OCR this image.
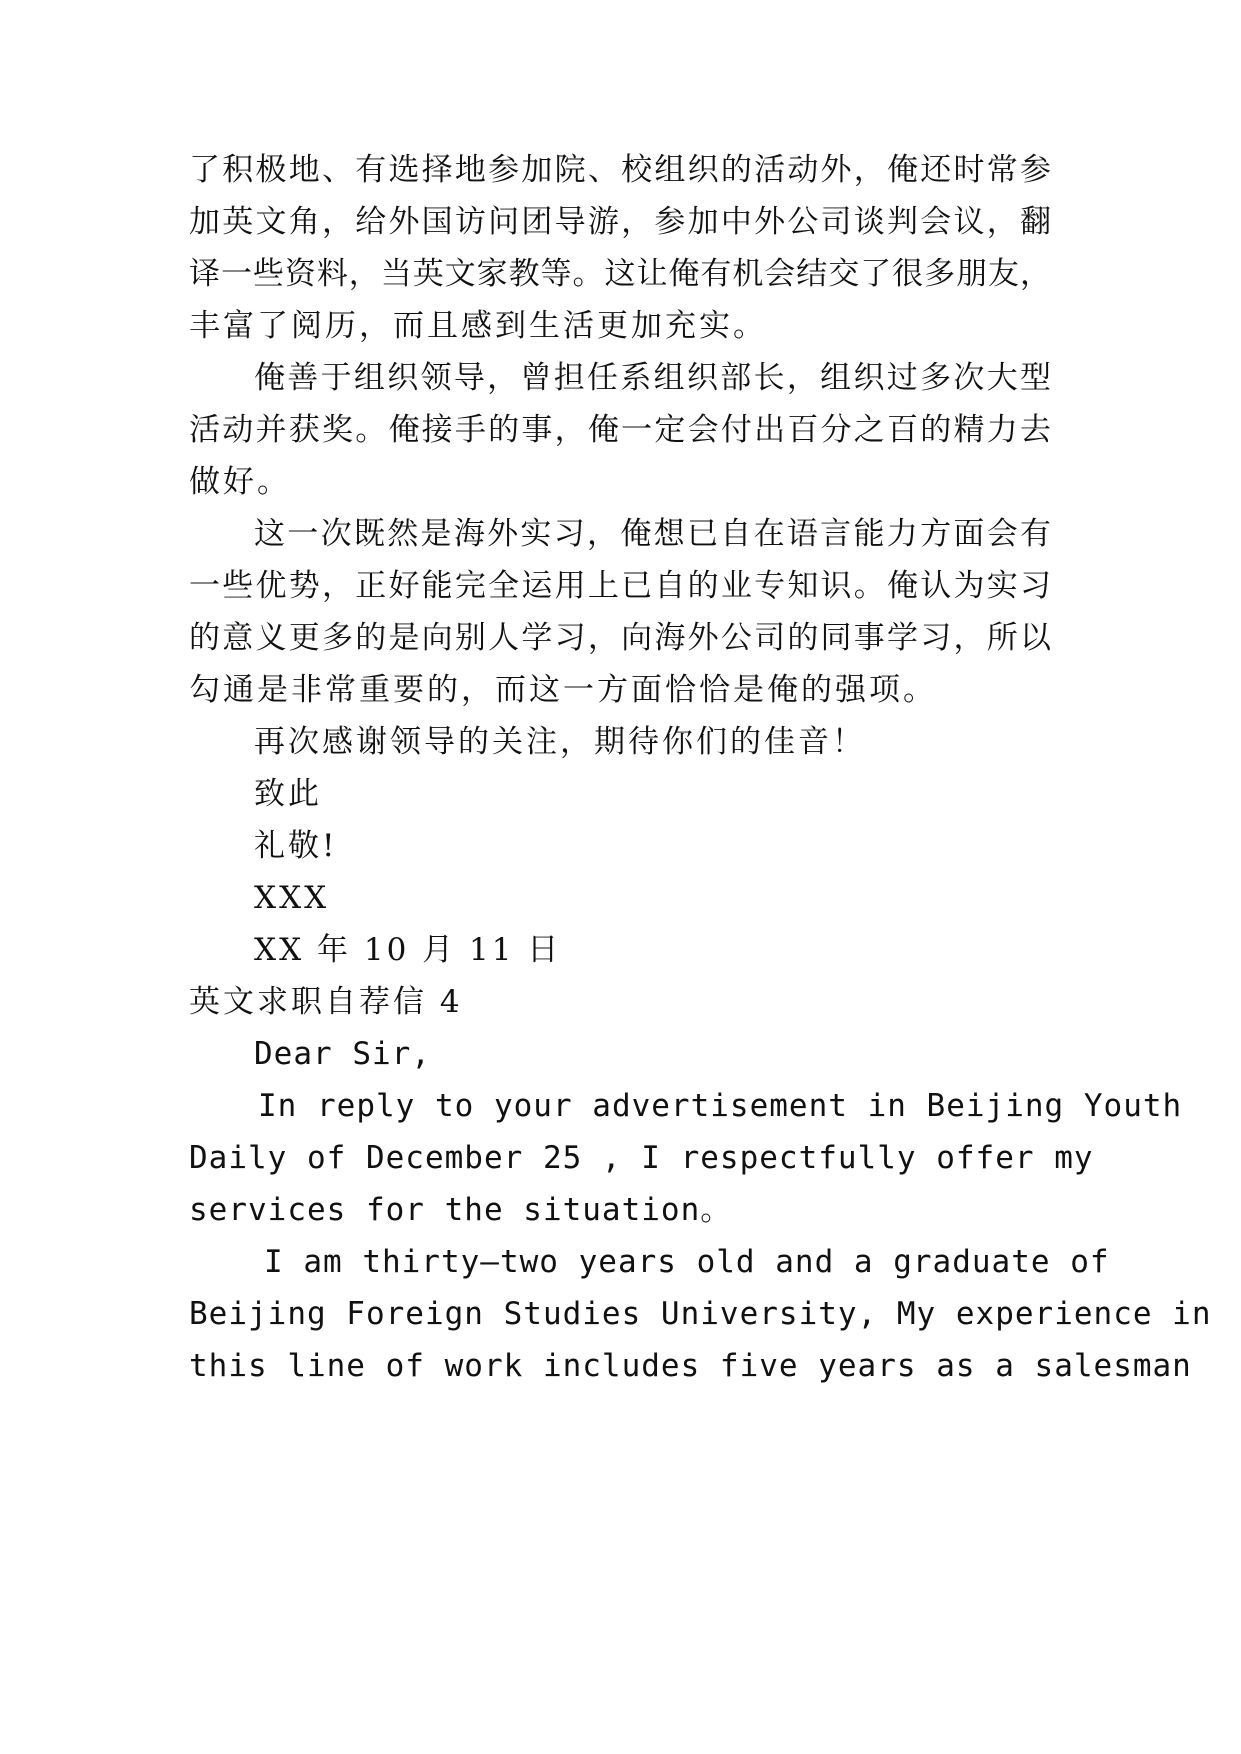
了积极地、有选择地参加院、校组织的活动外，俺还时常参
加英文角，给外国访问团导游，参加中外公司谈判会议，翻
译一些资料，当英文家教等。这让俺有机会结交了很多朋友，
丰富了阅历，而且感到生活更加充实。
俺善于组织领导，曾担任系组织部长，组织过多次大型
活动并获奖。俺接手的事，俺一定会付出百分之百的精力去
做好。
这一次既然是海外实习，俺想已自在语言能力方面会有
一些优势，正好能完全运用上已自的业专知识。俺认为实习
的意义更多的是向别人学习，向海外公司的同事学习，所以
勾通是非常重要的，而这一方面恰恰是俺的强项。
再次感谢领导的关注，期待你们的佳音！
致此
礼敬!
XXX
XX 年 10 月 11 日
英文求职自荐信 4
Dear Sir,
In reply to your advertisement in Beijing Youth
Daily of December 25 , I respectfully offer my
services for the situation。
I am thirty—two years old and a graduate of
Beijing Foreign Studies University, My experience in
this line of work includes five years as a salesman
